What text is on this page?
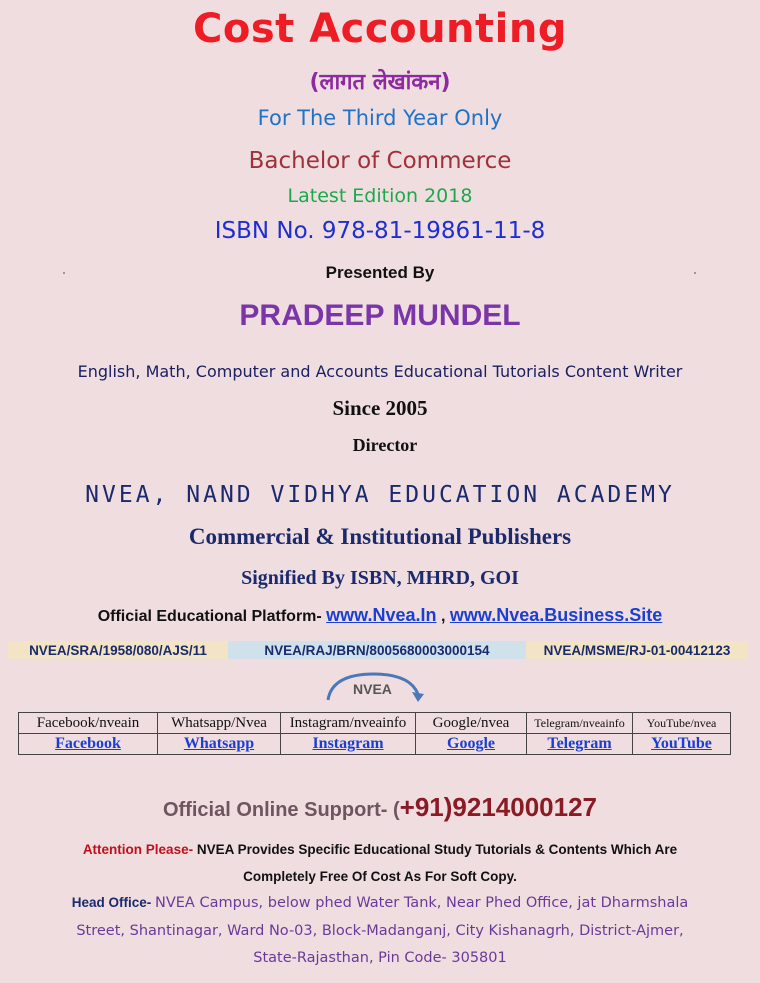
Cost Accounting
(लागत लेखांकन)
For The Third Year Only
Bachelor of Commerce
Latest Edition 2018
ISBN No. 978-81-19861-11-8
Presented By
PRADEEP MUNDEL
English, Math, Computer and Accounts Educational Tutorials Content Writer
Since 2005
Director
NVEA, NAND VIDHYA EDUCATION ACADEMY
Commercial & Institutional Publishers
Signified By ISBN, MHRD, GOI
Official Educational Platform- www.Nvea.In , www.Nvea.Business.Site
NVEA/SRA/1958/080/AJS/11	NVEA/RAJ/BRN/8005680003000154	NVEA/MSME/RJ-01-00412123
NVEA
Facebook/nveain	Whatsapp/Nvea	Instagram/nveainfo	Google/nvea	Telegram/nveainfo	YouTube/nvea
Facebook	Whatsapp	Instagram	Google	Telegram	YouTube
Official Online Support- (+91)9214000127
Attention Please- NVEA Provides Specific Educational Study Tutorials & Contents Which Are
Completely Free Of Cost As For Soft Copy.
Head Office- NVEA Campus, below phed Water Tank, Near Phed Office, jat Dharmshala
Street, Shantinagar, Ward No-03, Block-Madanganj, City Kishanagrh, District-Ajmer,
State-Rajasthan, Pin Code- 305801
